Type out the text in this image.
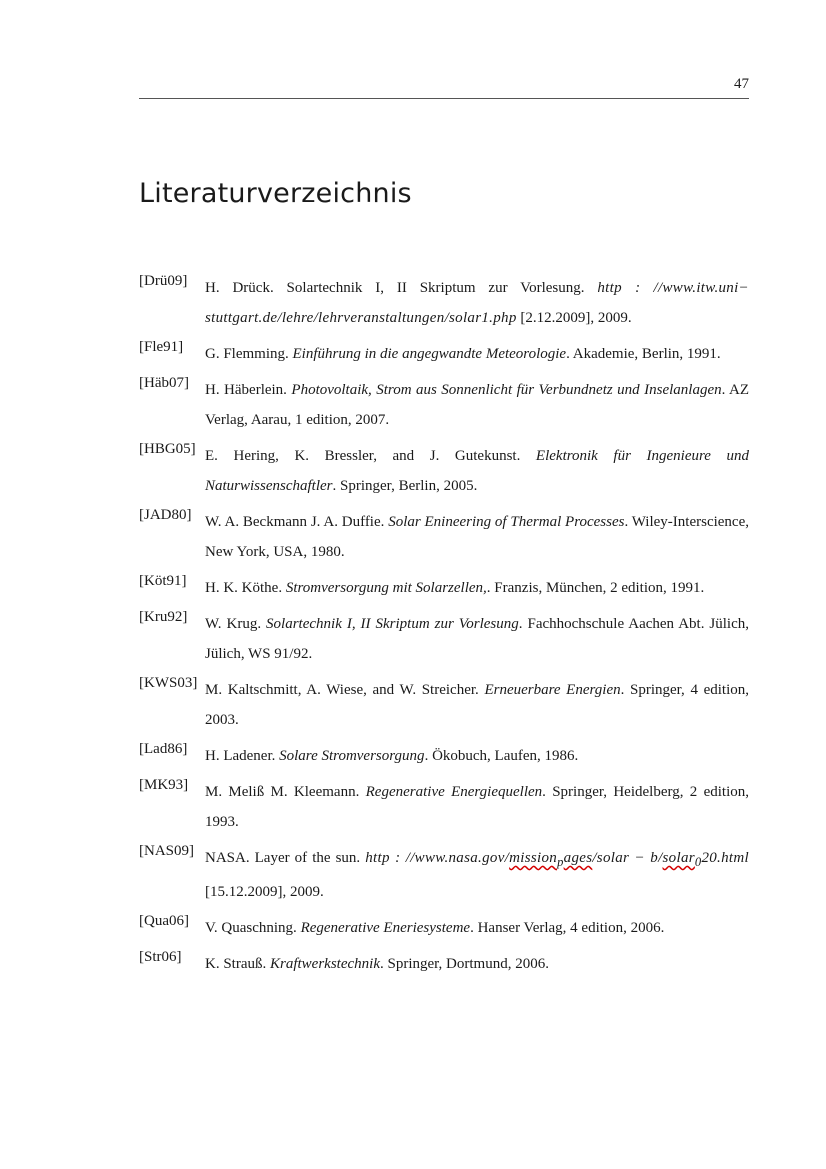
47
Literaturverzeichnis
[Drü09] H. Drück. Solartechnik I, II Skriptum zur Vorlesung. http : //www.itw.uni− stuttgart.de/lehre/lehrveranstaltungen/solar1.php [2.12.2009], 2009.
[Fle91] G. Flemming. Einführung in die angegwandte Meteorologie. Akademie, Berlin, 1991.
[Häb07] H. Häberlein. Photovoltaik, Strom aus Sonnenlicht für Verbundnetz und Inselanlagen. AZ Verlag, Aarau, 1 edition, 2007.
[HBG05] E. Hering, K. Bressler, and J. Gutekunst. Elektronik für Ingenieure und Naturwissenschaftler. Springer, Berlin, 2005.
[JAD80] W. A. Beckmann J. A. Duffie. Solar Enineering of Thermal Processes. Wiley-Interscience, New York, USA, 1980.
[Köt91] H. K. Köthe. Stromversorgung mit Solarzellen,. Franzis, München, 2 edition, 1991.
[Kru92] W. Krug. Solartechnik I, II Skriptum zur Vorlesung. Fachhochschule Aachen Abt. Jülich, Jülich, WS 91/92.
[KWS03] M. Kaltschmitt, A. Wiese, and W. Streicher. Erneuerbare Energien. Springer, 4 edition, 2003.
[Lad86] H. Ladener. Solare Stromversorgung. Ökobuch, Laufen, 1986.
[MK93] M. Meliß M. Kleemann. Regenerative Energiequellen. Springer, Heidelberg, 2 edition, 1993.
[NAS09] NASA. Layer of the sun. http : //www.nasa.gov/mission$_p$ages/solar − b/solar$_0$20.html [15.12.2009], 2009.
[Qua06] V. Quaschning. Regenerative Eneriesysteme. Hanser Verlag, 4 edition, 2006.
[Str06] K. Strauß. Kraftwerkstechnik. Springer, Dortmund, 2006.
